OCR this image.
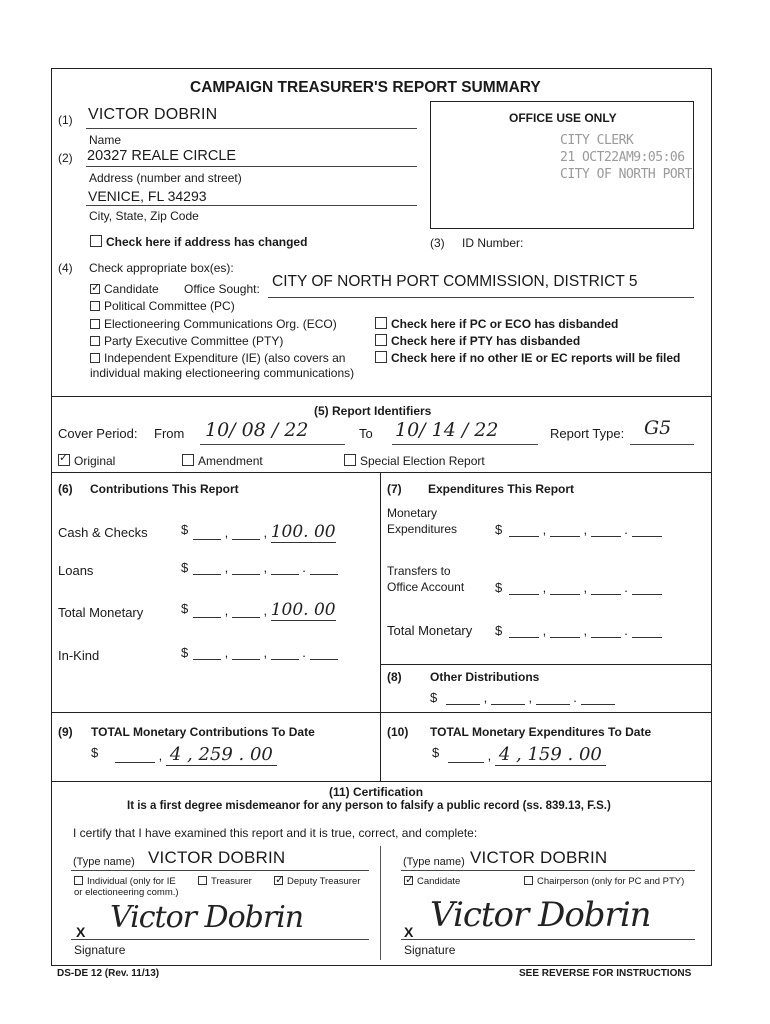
CAMPAIGN TREASURER'S REPORT SUMMARY
(1) VICTOR DOBRIN
Name
(2) 20327 REALE CIRCLE
Address (number and street)
VENICE, FL 34293
City, State, Zip Code
Check here if address has changed
OFFICE USE ONLY
CITY CLERK
21 OCT22AM9:05:06
CITY OF NORTH PORT
(3) ID Number:
(4) Check appropriate box(es):
✓Candidate Office Sought: CITY OF NORTH PORT COMMISSION, DISTRICT 5
Political Committee (PC)
Electioneering Communications Org. (ECO)
Party Executive Committee (PTY)
Independent Expenditure (IE) (also covers an
individual making electioneering communications)
Check here if PC or ECO has disbanded
Check here if PTY has disbanded
Check here if no other IE or EC reports will be filed
(5) Report Identifiers
Cover Period: From 10/ 08 / 22	To 10/ 14 / 22	Report Type: G5
✓Original	Amendment	Special Election Report
(6) Contributions This Report
Cash & Checks	$	,  , 100. 00
Loans	$	,  ,  .
Total Monetary	$	,  , 100. 00
In-Kind	$	,  ,  .
(7) Expenditures This Report
Monetary
Expenditures	$	,  ,  .
Transfers to
Office Account $	,  ,  .
Total Monetary $	,  ,  .
(8) Other Distributions
$	,	,	.
(9) TOTAL Monetary Contributions To Date
$	, 4 , 259 . 00
(10) TOTAL Monetary Expenditures To Date
$	, 4 , 159 . 00
(11) Certification
It is a first degree misdemeanor for any person to falsify a public record (ss. 839.13, F.S.)
I certify that I have examined this report and it is true, correct, and complete:
(Type name) VICTOR DOBRIN
Individual (only for IE
or electioneering comm.)
Treasurer
✓	Deputy Treasurer
X Victor Dobrin
Signature
(Type name) VICTOR DOBRIN
✓Candidate	Chairperson (only for PC and PTY)
X Victor Dobrin
Signature
DS-DE 12 (Rev. 11/13)	SEE REVERSE FOR INSTRUCTIONS
